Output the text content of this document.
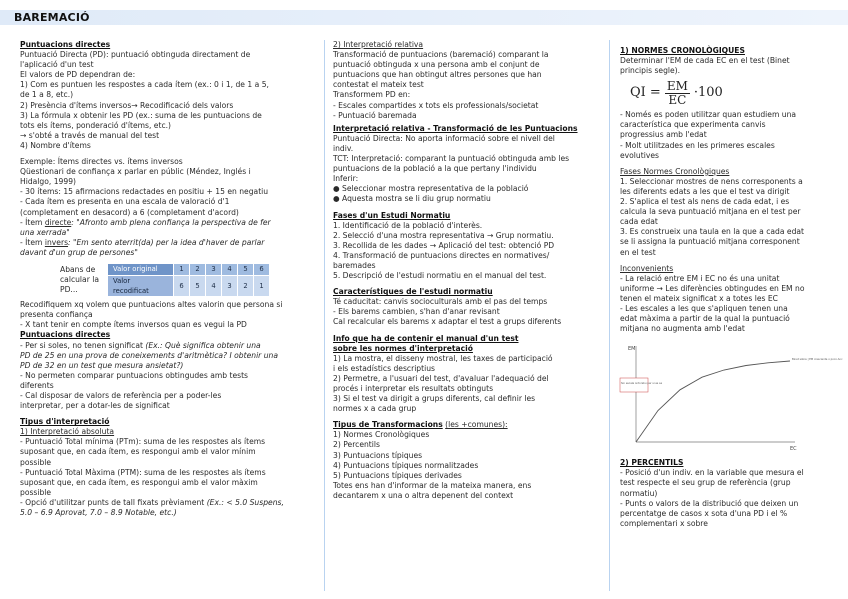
BAREMACIÓ

Puntuacions directes

Puntuació Directa (PD): puntuació obtinguda directament de

l'aplicació d'un test

El valors de PD dependran de:

1) Com es puntuen les respostes a cada ítem (ex.: 0 i 1, de 1 a 5,

de 1 a 8, etc.)

2) Presència d'ítems inversos→ Recodificació dels valors

3) La fórmula x obtenir les PD (ex.: suma de les puntuacions de

tots els ítems, ponderació d'ítems, etc.)

→ s'obté a través de manual del test

4) Nombre d'ítems

Exemple: Ítems directes vs. ítems inversos

Qüestionari de confiança x parlar en públic (Méndez, Inglés i

Hidalgo, 1999)

- 30 ítems: 15 afirmacions redactades en positiu + 15 en negatiu

- Cada ítem es presenta en una escala de valoració d'1

(completament en desacord) a 6 (completament d'acord)

- Ítem directe: "Afronto amb plena confiança la perspectiva de fer

una xerrada"

- Ítem invers: "Em sento aterrit(da) per la idea d'haver de parlar

davant d'un grup de persones"

Abans de

calcular la

PD...

Valor original	1	2	3	4	5	6
Valor recodificat	6	5	4	3	2	1

Recodifiquem xq volem que puntuacions altes valorin que persona si

presenta confiança

- X tant tenir en compte ítems inversos quan es vegui la PD

Puntuacions directes

- Per si soles, no tenen significat (Ex.: Què significa obtenir una

PD de 25 en una prova de coneixements d'aritmètica? I obtenir una

PD de 32 en un test que mesura ansietat?)

- No permeten comparar puntuacions obtingudes amb tests

diferents

- Cal disposar de valors de referència per a poder-les

interpretar, per a dotar-les de significat

Tipus d'interpretació

1) Interpretació absoluta

- Puntuació Total mínima (PTm): suma de les respostes als ítems

suposant que, en cada ítem, es respongui amb el valor mínim

possible

- Puntuació Total Màxima (PTM): suma de les respostes als ítems

suposant que, en cada ítem, es respongui amb el valor màxim

possible

- Opció d'utilitzar punts de tall fixats prèviament (Ex.: < 5.0 Suspens,

5.0 – 6.9 Aprovat, 7.0 – 8.9 Notable, etc.)

2) Interpretació relativa

Transformació de puntuacions (baremació) comparant la

puntuació obtinguda x una persona amb el conjunt de

puntuacions que han obtingut altres persones que han

contestat el mateix test

Transformem PD en:

- Escales compartides x tots els professionals/societat

- Puntuació baremada

Interpretació relativa - Transformació de les Puntuacions

Puntuació Directa: No aporta informació sobre el nivell del

indiv.

TCT: Interpretació: comparant la puntuació obtinguda amb les

puntuacions de la població a la que pertany l'individu

Inferir:

● Seleccionar mostra representativa de la població

● Aquesta mostra se li diu grup normatiu

Fases d'un Estudi Normatiu

1. Identificació de la població d'interès.

2. Selecció d'una mostra representativa → Grup normatiu.

3. Recollida de les dades → Aplicació del test: obtenció PD

4. Transformació de puntuacions directes en normatives/

baremades

5. Descripció de l'estudi normatiu en el manual del test.

Característiques de l'estudi normatiu

Té caducitat: canvis socioculturals amb el pas del temps

- Els barems cambien, s'han d'anar revisant

Cal recalcular els barems x adaptar el test a grups diferents

Info que ha de contenir el manual d'un test

sobre les normes d'interpretació

1) La mostra, el disseny mostral, les taxes de participació

i els estadístics descriptius

2) Permetre, a l'usuari del test, d'avaluar l'adequació del

procés i interpretar els resultats obtinguts

3) Si el test va dirigit a grups diferents, cal definir les

normes x a cada grup

Tipus de Transformacions (les +comunes):

1) Normes Cronològiques

2) Percentils

3) Puntuacions típiques

4) Puntuacions típiques normalitzades

5) Puntuacions típiques derivades

Totes ens han d'informar de la mateixa manera, ens

decantarem x una o altra depenent del context

1) NORMES CRONOLÒGIQUES

Determinar l'EM de cada EC en el test (Binet

principis segle).

QI = $\frac{EM}{EC} \cdot 100$

- Només es poden utilitzar quan estudiem una

característica que experimenta canvis

progressius amb l'edat

- Molt utilitzades en les primeres escales

evolutives

Fases Normes Cronològiques

1. Seleccionar mostres de nens corresponents a

les diferents edats a les que el test va dirigit

2. S'aplica el test als nens de cada edat, i es

calcula la seva puntuació mitjana en el test per

cada edat

3. Es construeix una taula en la que a cada edat

se li assigna la puntuació mitjana corresponent

en el test

Inconvenients

- La relació entre EM i EC no és una unitat

uniforme → Les diferències obtingudes en EM no

tenen el mateix significat x a totes les EC

- Les escales a les que s'apliquen tenen una

edat màxima a partir de la qual la puntuació

mitjana no augmenta amb l'edat

EM
EC
Sin escala ontorsbu per si es sa
Binet sobre | EM cresciente o poco Anc

2) PERCENTILS

- Posició d'un indiv. en la variable que mesura el

test respecte el seu grup de referència (grup

normatiu)

- Punts o valors de la distribució que deixen un

percentatge de casos x sota d'una PD i el %

complementari x sobre
